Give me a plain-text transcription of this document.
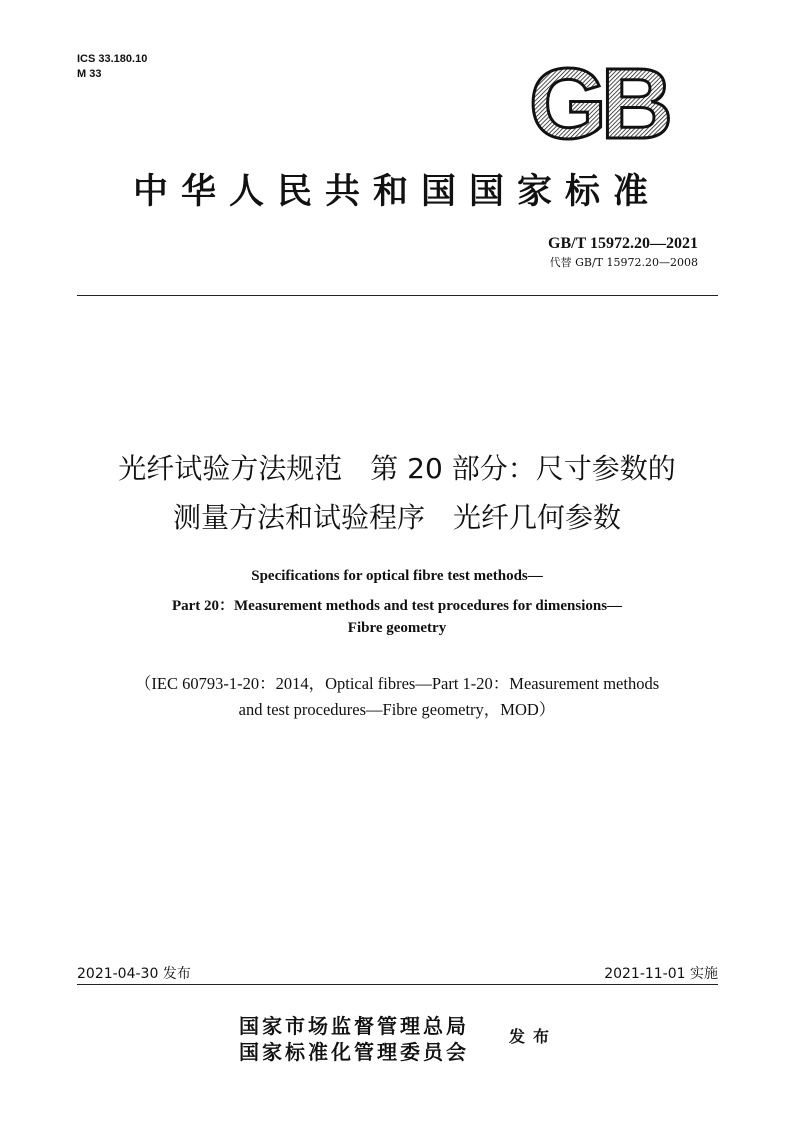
ICS 33.180.10
M 33	GB
中华人民共和国国家标准
GB/T 15972.20—2021
代替 GB/T 15972.20—2008
光纤试验方法规范　第 20 部分：尺寸参数的
测量方法和试验程序　光纤几何参数
Specifications for optical fibre test methods—
Part 20：Measurement methods and test procedures for dimensions—
Fibre geometry
（IEC 60793-1-20：2014，Optical fibres—Part 1-20：Measurement methods
and test procedures—Fibre geometry，MOD）
2021-04-30 发布	2021-11-01 实施
国家市场监督管理总局
国家标准化管理委员会
发布
